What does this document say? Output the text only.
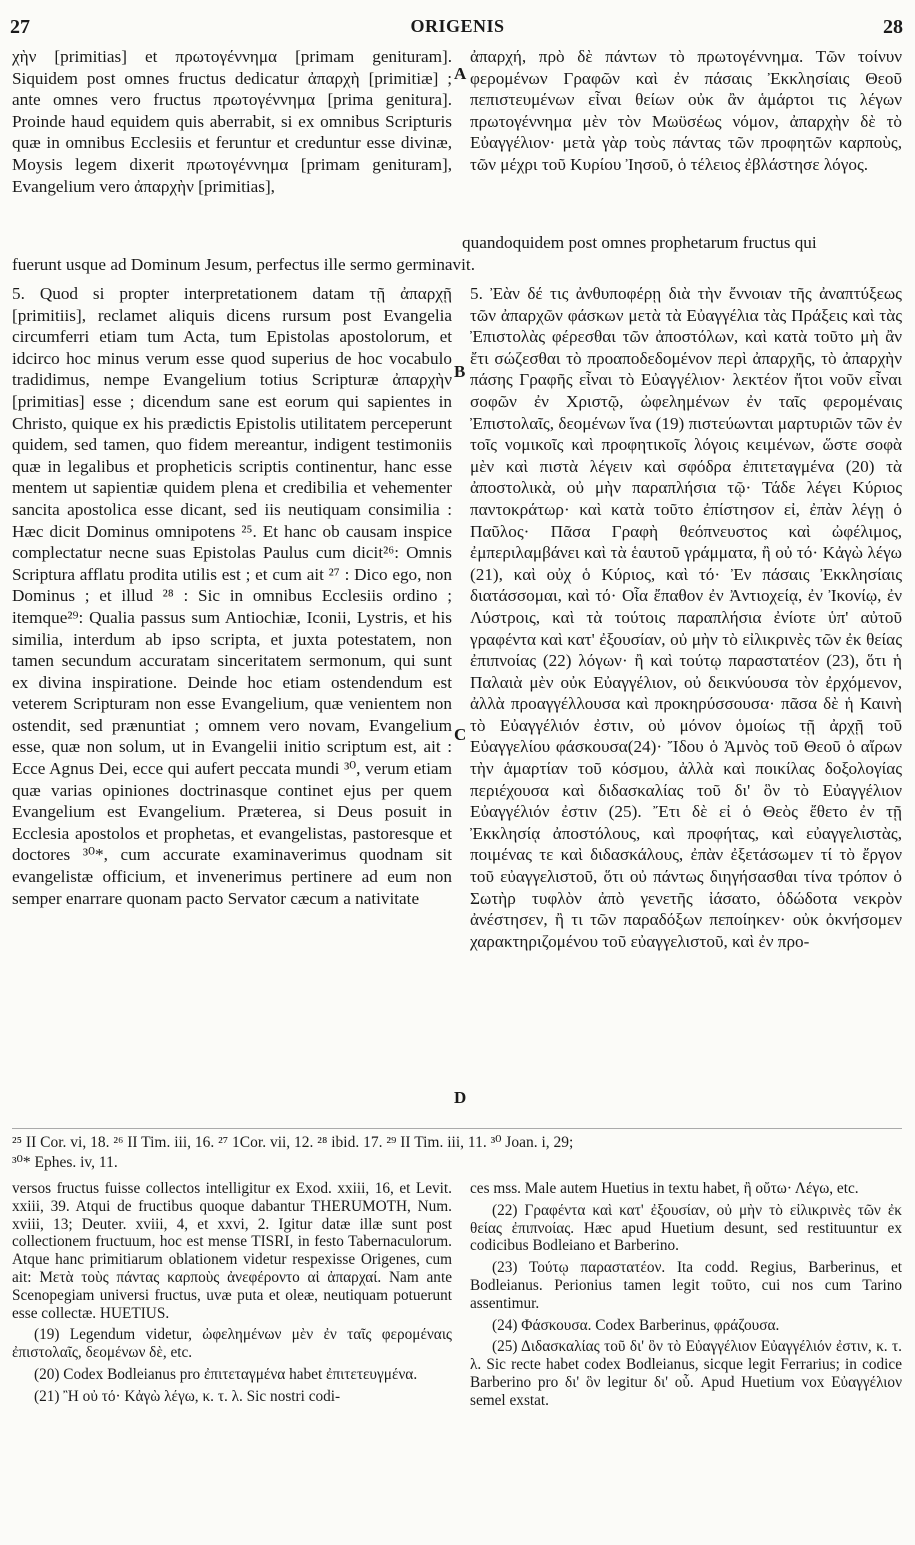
27	ORIGENIS	28

χὴν [primitias] et πρωτογέννημα [primam genituram]. Siquidem post omnes fructus dedicatur ἀπαρχὴ [primitiæ] ; ante omnes vero fructus πρωτογέννημα [prima genitura]. Proinde haud equidem quis aberrabit, si ex omnibus Scripturis quæ in omnibus Ecclesiis et feruntur et creduntur esse divinæ, Moysis legem dixerit πρωτογέννημα [primam genituram], Evangelium vero ἀπαρχὴν [primitias],

ἀπαρχή, πρὸ δὲ πάντων τὸ πρωτογέννημα. Τῶν τοίνυν φερομένων Γραφῶν καὶ ἐν πάσαις Ἐκκλησίαις Θεοῦ πεπιστευμένων εἶναι θείων οὐκ ἂν ἁμάρτοι τις λέγων πρωτογέννημα μὲν τὸν Μωϋσέως νόμον, ἀπαρχὴν δὲ τὸ Εὐαγγέλιον· μετὰ γὰρ τοὺς πάντας τῶν προφητῶν καρποὺς, τῶν μέχρι τοῦ Κυρίου Ἰησοῦ, ὁ τέλειος ἐβλάστησε λόγος.

quandoquidem post omnes prophetarum fructus qui

fuerunt usque ad Dominum Jesum, perfectus ille sermo germinavit.

5. Quod si propter interpretationem datam τῇ ἀπαρχῇ [primitiis], reclamet aliquis dicens rursum post Evangelia circumferri etiam tum Acta, tum Epistolas apostolorum, et idcirco hoc minus verum esse quod superius de hoc vocabulo tradidimus, nempe Evangelium totius Scripturæ ἀπαρχὴν [primitias] esse ; dicendum sane est eorum qui sapientes in Christo, quique ex his prædictis Epistolis utilitatem perceperunt quidem, sed tamen, quo fidem mereantur, indigent testimoniis quæ in legalibus et propheticis scriptis continentur, hanc esse mentem ut sapientiæ quidem plena et credibilia et vehementer sancita apostolica esse dicant, sed iis neutiquam consimilia : Hæc dicit Dominus omnipotens ²⁵. Et hanc ob causam inspice complectatur necne suas Epistolas Paulus cum dicit²⁶: Omnis Scriptura afflatu prodita utilis est ; et cum ait ²⁷ : Dico ego, non Dominus ; et illud ²⁸ : Sic in omnibus Ecclesiis ordino ; itemque²⁹: Qualia passus sum Antiochiæ, Iconii, Lystris, et his similia, interdum ab ipso scripta, et juxta potestatem, non tamen secundum accuratam sinceritatem sermonum, qui sunt ex divina inspiratione. Deinde hoc etiam ostendendum est veterem Scripturam non esse Evangelium, quæ venientem non ostendit, sed prænuntiat ; omnem vero novam, Evangelium esse, quæ non solum, ut in Evangelii initio scriptum est, ait : Ecce Agnus Dei, ecce qui aufert peccata mundi ³⁰, verum etiam quæ varias opiniones doctrinasque continet ejus per quem Evangelium est Evangelium. Præterea, si Deus posuit in Ecclesia apostolos et prophetas, et evangelistas, pastoresque et doctores ³⁰*, cum accurate examinaverimus quodnam sit evangelistæ officium, et invenerimus pertinere ad eum non semper enarrare quonam pacto Servator cæcum a nativitate

5. Ἐὰν δέ τις ἀνθυποφέρῃ διὰ τὴν ἔννοιαν τῆς ἀναπτύξεως τῶν ἀπαρχῶν φάσκων μετὰ τὰ Εὐαγγέλια τὰς Πράξεις καὶ τὰς Ἐπιστολὰς φέρεσθαι τῶν ἀποστόλων, καὶ κατὰ τοῦτο μὴ ἂν ἔτι σώζεσθαι τὸ προαποδεδομένον περὶ ἀπαρχῆς, τὸ ἀπαρχὴν πάσης Γραφῆς εἶναι τὸ Εὐαγγέλιον· λεκτέον ἤτοι νοῦν εἶναι σοφῶν ἐν Χριστῷ, ὠφελημένων ἐν ταῖς φερομέναις Ἐπιστολαῖς, δεομένων ἵνα (19) πιστεύωνται μαρτυριῶν τῶν ἐν τοῖς νομικοῖς καὶ προφητικοῖς λόγοις κειμένων, ὥστε σοφὰ μὲν καὶ πιστὰ λέγειν καὶ σφόδρα ἐπιτεταγμένα (20) τὰ ἀποστολικὰ, οὐ μὴν παραπλήσια τῷ· Τάδε λέγει Κύριος παντοκράτωρ· καὶ κατὰ τοῦτο ἐπίστησον εἰ, ἐπὰν λέγῃ ὁ Παῦλος· Πᾶσα Γραφὴ θεόπνευστος καὶ ὠφέλιμος, ἐμπεριλαμβάνει καὶ τὰ ἑαυτοῦ γράμματα, ἢ οὐ τό· Κἀγὼ λέγω (21), καὶ οὐχ ὁ Κύριος, καὶ τό· Ἐν πάσαις Ἐκκλησίαις διατάσσομαι, καὶ τό· Οἷα ἔπαθον ἐν Ἀντιοχείᾳ, ἐν Ἰκονίῳ, ἐν Λύστροις, καὶ τὰ τούτοις παραπλήσια ἐνίοτε ὑπ' αὐτοῦ γραφέντα καὶ κατ' ἐξουσίαν, οὐ μὴν τὸ εἰλικρινὲς τῶν ἐκ θείας ἐπιπνοίας (22) λόγων· ἢ καὶ τούτῳ παραστατέον (23), ὅτι ἡ Παλαιὰ μὲν οὐκ Εὐαγγέλιον, οὐ δεικνύουσα τὸν ἐρχόμενον, ἀλλὰ προαγγέλλουσα καὶ προκηρύσσουσα· πᾶσα δὲ ἡ Καινὴ τὸ Εὐαγγέλιόν ἐστιν, οὐ μόνον ὁμοίως τῇ ἀρχῇ τοῦ Εὐαγγελίου φάσκουσα(24)· Ἴδου ὁ Ἀμνὸς τοῦ Θεοῦ ὁ αἴρων τὴν ἁμαρτίαν τοῦ κόσμου, ἀλλὰ καὶ ποικίλας δοξολογίας περιέχουσα καὶ διδασκαλίας τοῦ δι' ὃν τὸ Εὐαγγέλιον Εὐαγγέλιόν ἐστιν (25). Ἔτι δὲ εἰ ὁ Θεὸς ἔθετο ἐν τῇ Ἐκκλησίᾳ ἀποστόλους, καὶ προφήτας, καὶ εὐαγγελιστὰς, ποιμένας τε καὶ διδασκάλους, ἐπὰν ἐξετάσωμεν τί τὸ ἔργον τοῦ εὐαγγελιστοῦ, ὅτι οὐ πάντως διηγήσασθαι τίνα τρόπον ὁ Σωτὴρ τυφλὸν ἀπὸ γενετῆς ἰάσατο, ὁδώδοτα νεκρὸν ἀνέστησεν, ἢ τι τῶν παραδόξων πεποίηκεν· οὐκ ὀκνήσομεν χαρακτηριζομένου τοῦ εὐαγγελιστοῦ, καὶ ἐν προ-

A
B
C
D
²⁵ II Cor. vi, 18. ²⁶ II Tim. iii, 16. ²⁷ 1Cor. vii, 12. ²⁸ ibid. 17. ²⁹ II Tim. iii, 11. ³⁰ Joan. i, 29;
³⁰* Ephes. iv, 11.

versos fructus fuisse collectos intelligitur ex Exod. xxiii, 16, et Levit. xxiii, 39. Atqui de fructibus quoque dabantur THERUMOTH, Num. xviii, 13; Deuter. xviii, 4, et xxvi, 2. Igitur datæ illæ sunt post collectionem fructuum, hoc est mense TISRI, in festo Tabernaculorum. Atque hanc primitiarum oblationem videtur respexisse Origenes, cum ait: Μετὰ τοὺς πάντας καρποὺς ἀνεφέροντο αἱ ἀπαρχαί. Nam ante Scenopegiam universi fructus, uvæ puta et oleæ, neutiquam potuerunt esse collectæ. HUETIUS.

(19) Legendum videtur, ὠφελημένων μὲν ἐν ταῖς φερομέναις ἐπιστολαῖς, δεομένων δὲ, etc.

(20) Codex Bodleianus pro ἐπιτεταγμένα habet ἐπιτετευγμένα.

(21) Ἢ οὐ τό· Κἀγὼ λέγω, κ. τ. λ. Sic nostri codi-

ces mss. Male autem Huetius in textu habet, ἢ οὔτω· Λέγω, etc.

(22) Γραφέντα καὶ κατ' ἐξουσίαν, οὐ μὴν τὸ εἰλικρινὲς τῶν ἐκ θείας ἐπιπνοίας. Hæc apud Huetium desunt, sed restituuntur ex codicibus Bodleiano et Barberino.

(23) Τούτῳ παραστατέον. Ita codd. Regius, Barberinus, et Bodleianus. Perionius tamen legit τοῦτο, cui nos cum Tarino assentimur.

(24) Φάσκουσα. Codex Barberinus, φράζουσα.

(25) Διδασκαλίας τοῦ δι' ὃν τὸ Εὐαγγέλιον Εὐαγγέλιόν ἐστιν, κ. τ. λ. Sic recte habet codex Bodleianus, sicque legit Ferrarius; in codice Barberino pro δι' ὃν legitur δι' οὗ. Apud Huetium vox Εὐαγγέλιον semel exstat.
